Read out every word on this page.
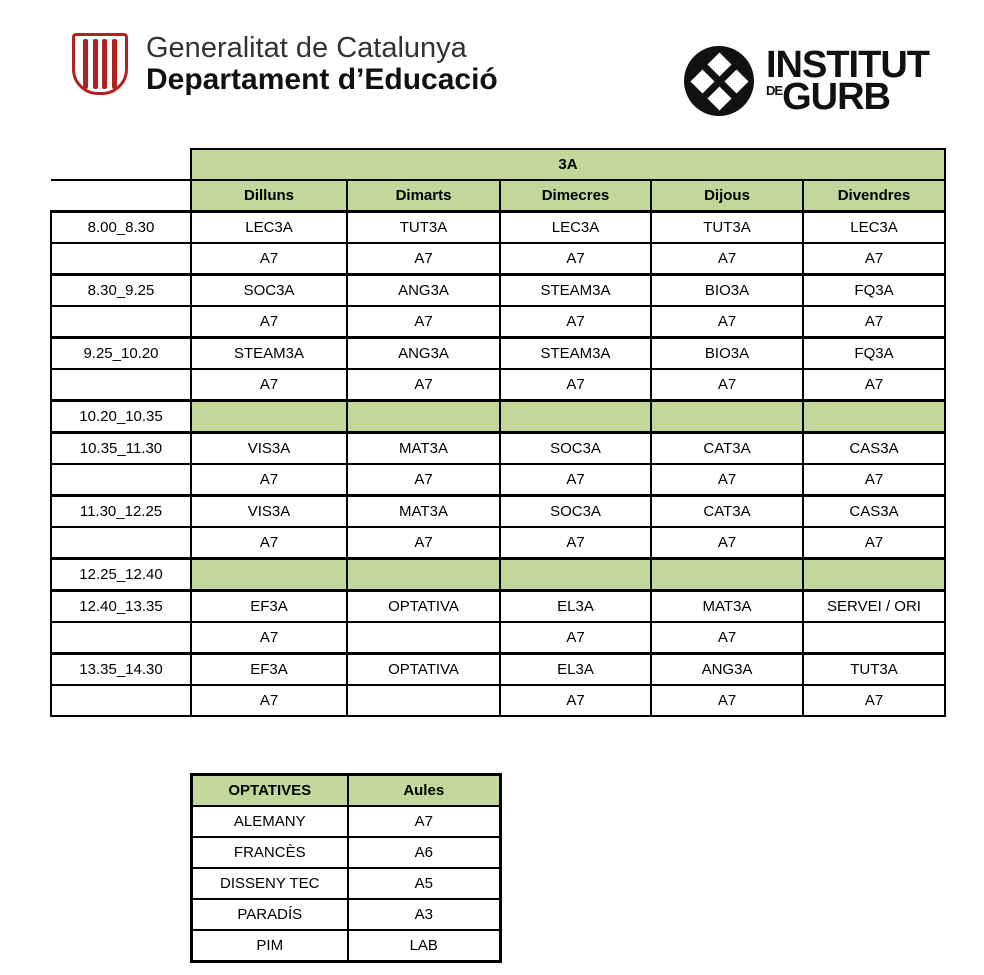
Generalitat de Catalunya
Departament d’Educació	INSTITUT
$^{DE}$GURB
	3A				
	Dilluns	Dimarts	Dimecres	Dijous	Divendres
8.00_8.30	LEC3A	TUT3A	LEC3A	TUT3A	LEC3A
	A7	A7	A7	A7	A7
8.30_9.25	SOC3A	ANG3A	STEAM3A	BIO3A	FQ3A
	A7	A7	A7	A7	A7
9.25_10.20	STEAM3A	ANG3A	STEAM3A	BIO3A	FQ3A
	A7	A7	A7	A7	A7
10.20_10.35					
10.35_11.30	VIS3A	MAT3A	SOC3A	CAT3A	CAS3A
	A7	A7	A7	A7	A7
11.30_12.25	VIS3A	MAT3A	SOC3A	CAT3A	CAS3A
	A7	A7	A7	A7	A7
12.25_12.40					
12.40_13.35	EF3A	OPTATIVA	EL3A	MAT3A	SERVEI / ORI
	A7		A7	A7	
13.35_14.30	EF3A	OPTATIVA	EL3A	ANG3A	TUT3A
	A7		A7	A7	A7
OPTATIVES	Aules
ALEMANY	A7
FRANCÈS	A6
DISSENY TEC	A5
PARADÍS	A3
PIM	LAB
